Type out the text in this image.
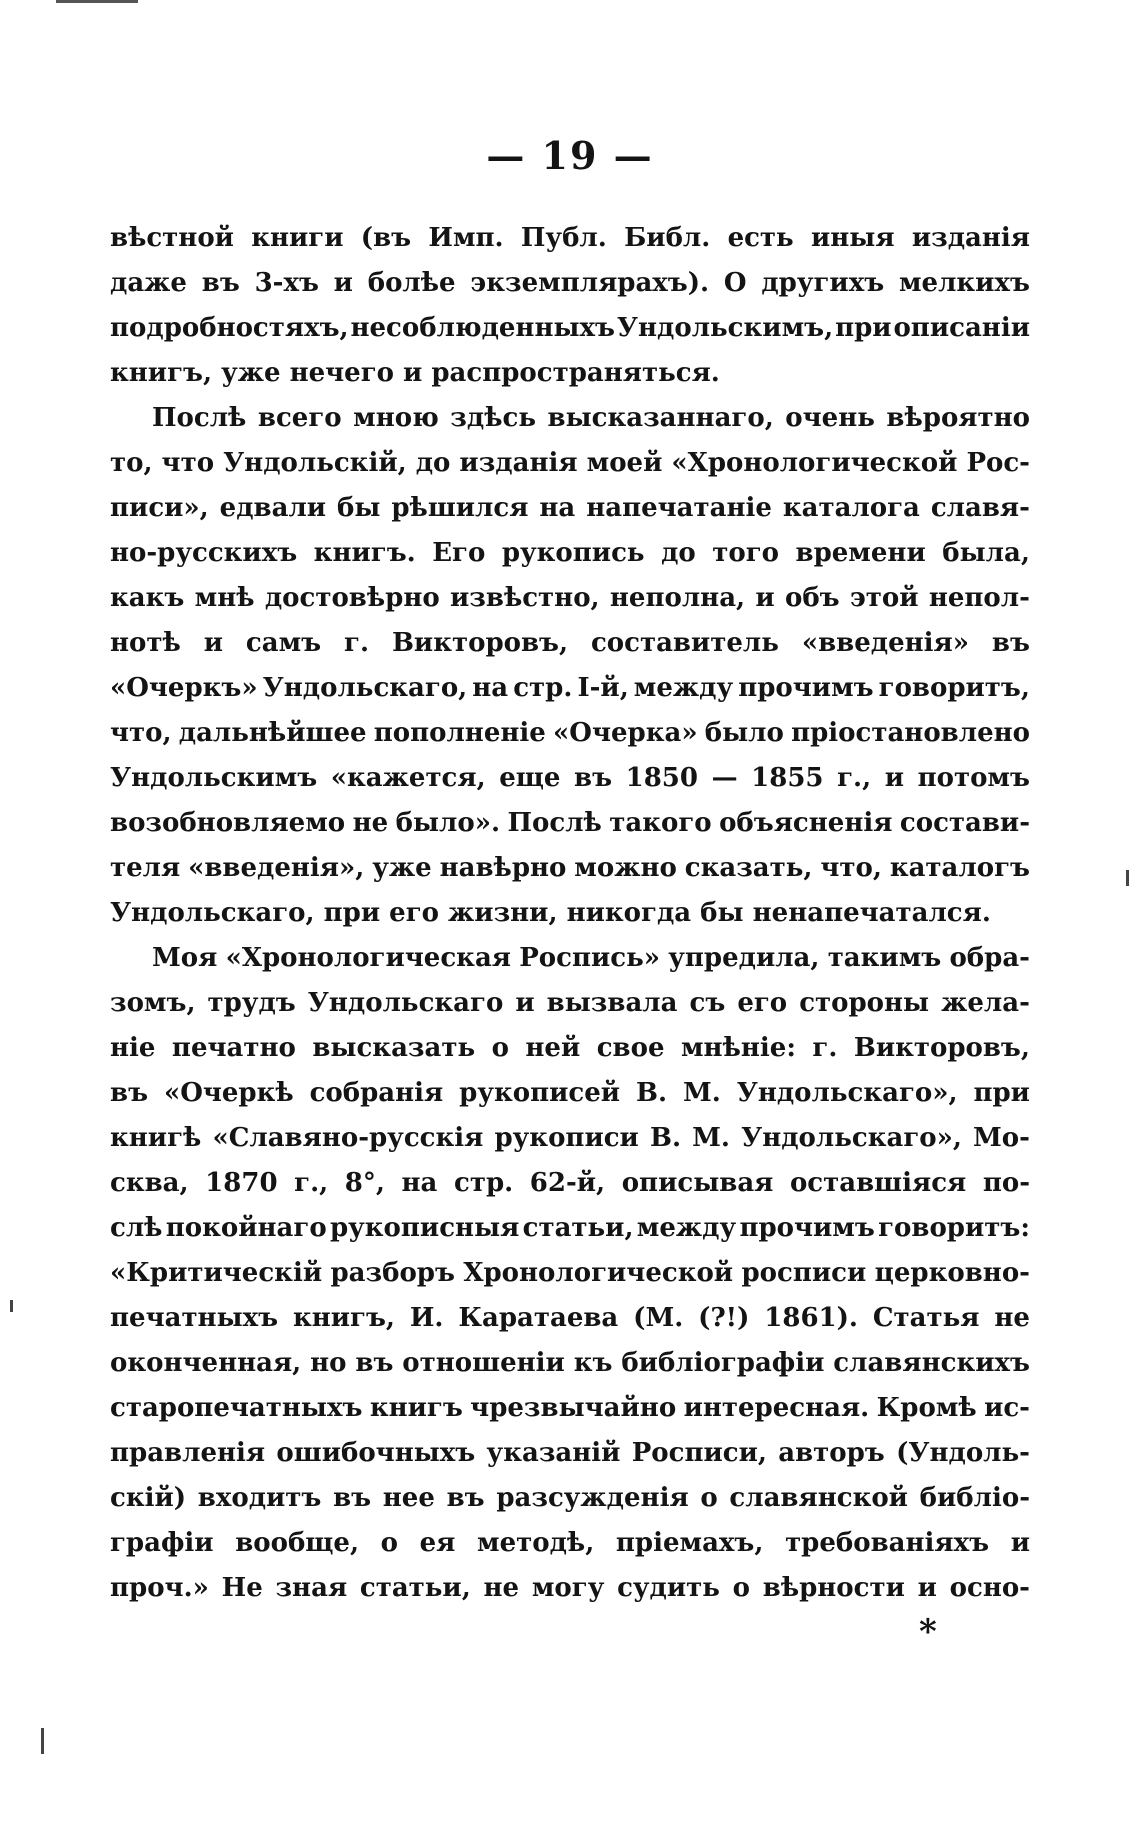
— 19 —
вѣстной книги (въ Имп. Публ. Библ. есть иныя изданія
даже въ 3-хъ и болѣе экземплярахъ). О другихъ мелкихъ
подробностяхъ, несоблюденныхъ Ундольскимъ, при описаніи
книгъ, уже нечего и распространяться.
Послѣ всего мною здѣсь высказаннаго, очень вѣроятно
то, что Ундольскій, до изданія моей «Хронологической Рос-
писи», едвали бы рѣшился на напечатаніе каталога славя-
но-русскихъ книгъ. Его рукопись до того времени была,
какъ мнѣ достовѣрно извѣстно, неполна, и объ этой непол-
нотѣ и самъ г. Викторовъ, составитель «введенія» въ
«Очеркъ» Ундольскаго, на стр. I-й, между прочимъ говоритъ,
что, дальнѣйшее пополненіе «Очерка» было пріостановлено
Ундольскимъ «кажется, еще въ 1850 — 1855 г., и потомъ
возобновляемо не было». Послѣ такого объясненія состави-
теля «введенія», уже навѣрно можно сказать, что, каталогъ
Ундольскаго, при его жизни, никогда бы ненапечатался.
Моя «Хронологическая Роспись» упредила, такимъ обра-
зомъ, трудъ Ундольскаго и вызвала съ его стороны жела-
ніе печатно высказать о ней свое мнѣніе: г. Викторовъ,
въ «Очеркѣ собранія рукописей В. М. Ундольскаго», при
книгѣ «Славяно-русскія рукописи В. М. Ундольскаго», Мо-
сква, 1870 г., 8°, на стр. 62-й, описывая оставшіяся по-
слѣ покойнаго рукописныя статьи, между прочимъ говоритъ:
«Критическій разборъ Хронологической росписи церковно-
печатныхъ книгъ, И. Каратаева (М. (?!) 1861). Статья не
оконченная, но въ отношеніи къ библіографіи славянскихъ
старопечатныхъ книгъ чрезвычайно интересная. Кромѣ ис-
правленія ошибочныхъ указаній Росписи, авторъ (Ундоль-
скій) входитъ въ нее въ разсужденія о славянской библіо-
графіи вообще, о ея методѣ, пріемахъ, требованіяхъ и
проч.» Не зная статьи, не могу судить о вѣрности и осно-
*
